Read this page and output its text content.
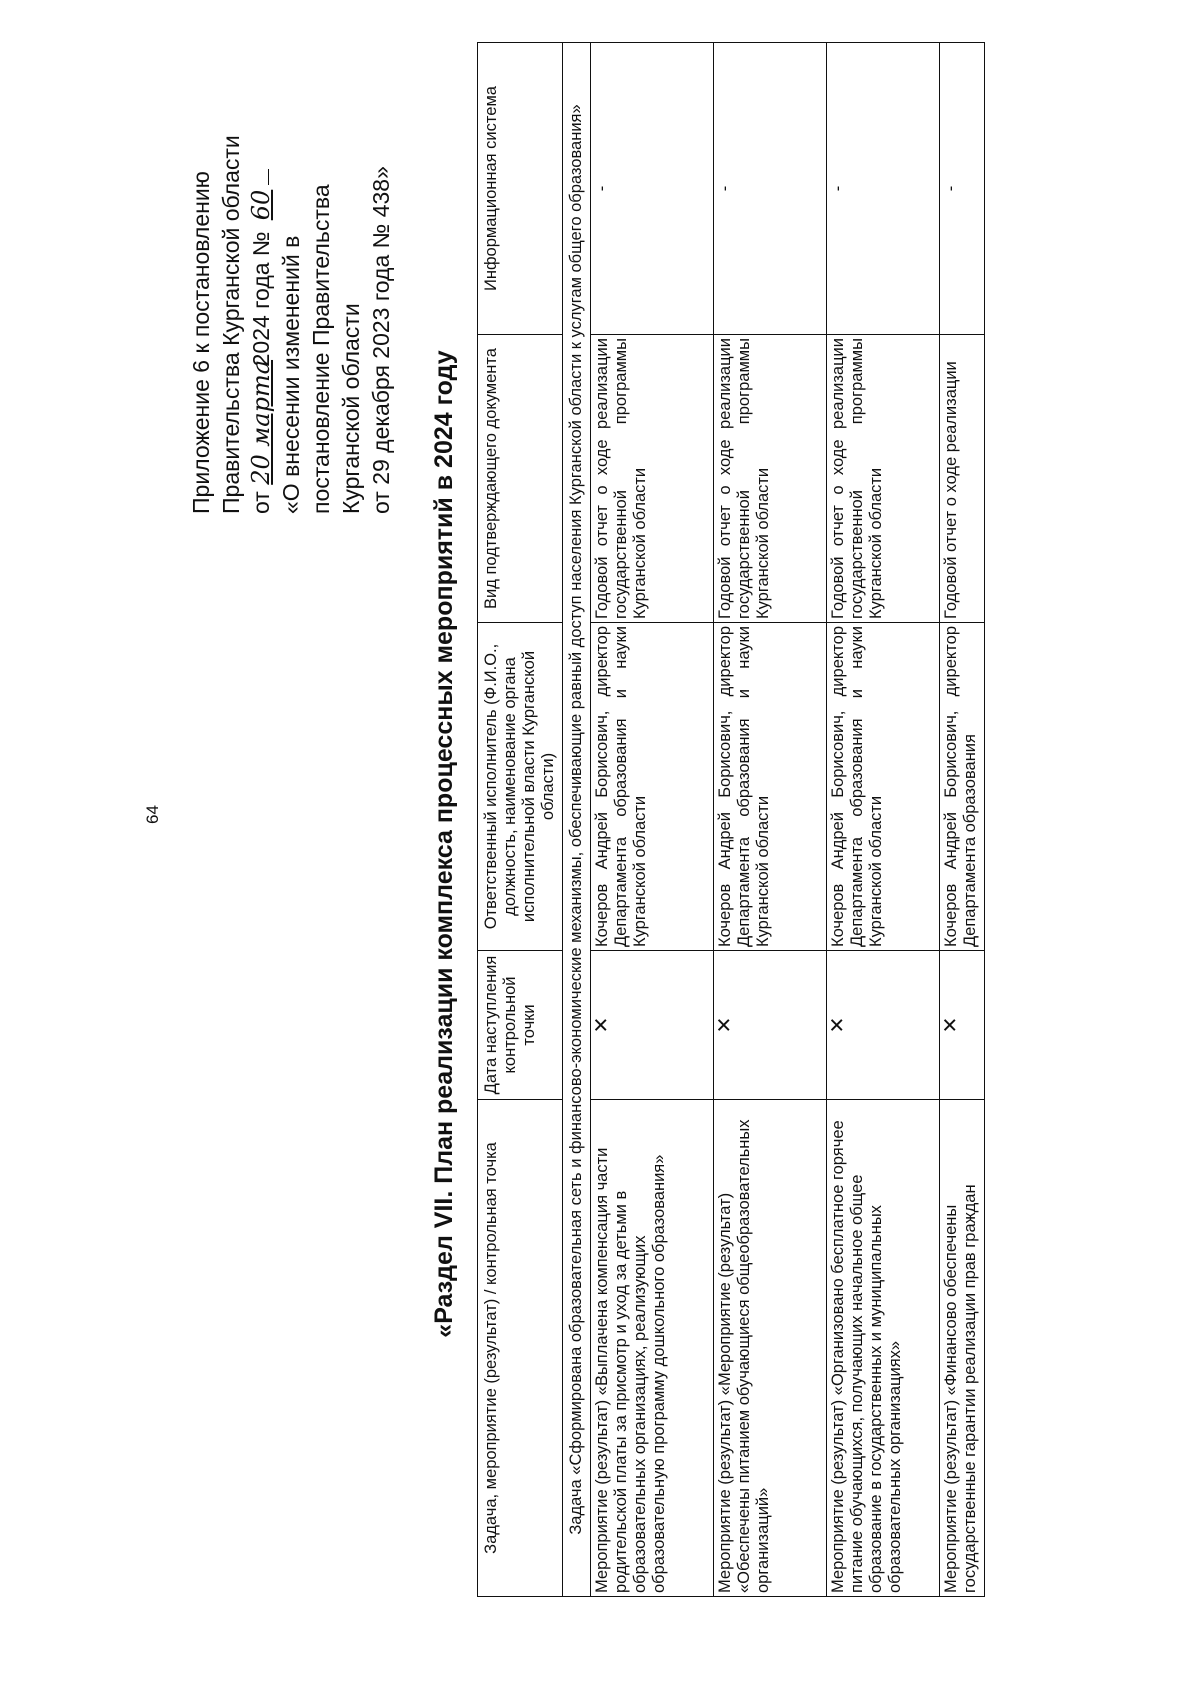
64
Приложение 6 к постановлению Правительства Курганской области от 20 марта 2024 года № 60
«О внесении изменений в постановление Правительства Курганской области от 29 декабря 2023 года № 438»
«Раздел VII. План реализации комплекса процессных мероприятий в 2024 году
Задача, мероприятие (результат) / контрольная точка	Дата наступления контрольной точки	Ответственный исполнитель (Ф.И.О., должность, наименование органа исполнительной власти Курганской области)	Вид подтверждающего документа	Информационная система
Задача «Сформирована образовательная сеть и финансово-экономические механизмы, обеспечивающие равный доступ населения Курганской области к услугам общего образования»				
Мероприятие (результат) «Выплачена компенсация части родительской платы за присмотр и уход за детьми в образовательных организациях, реализующих образовательную программу дошкольного образования»	✕	Кочеров Андрей Борисович, директор Департамента образования и науки Курганской области	Годовой отчет о ходе реализации государственной программы Курганской области	-
Мероприятие (результат) «Мероприятие (результат) «Обеспечены питанием обучающиеся общеобразовательных организаций»	✕	Кочеров Андрей Борисович, директор Департамента образования и науки Курганской области	Годовой отчет о ходе реализации государственной программы Курганской области	-
Мероприятие (результат) «Организовано бесплатное горячее питание обучающихся, получающих начальное общее образование в государственных и муниципальных образовательных организациях»	✕	Кочеров Андрей Борисович, директор Департамента образования и науки Курганской области	Годовой отчет о ходе реализации государственной программы Курганской области	-
Мероприятие (результат) «Финансово обеспечены государственные гарантии реализации прав граждан	✕	Кочеров Андрей Борисович, директор Департамента образования	Годовой отчет о ходе реализации	-
